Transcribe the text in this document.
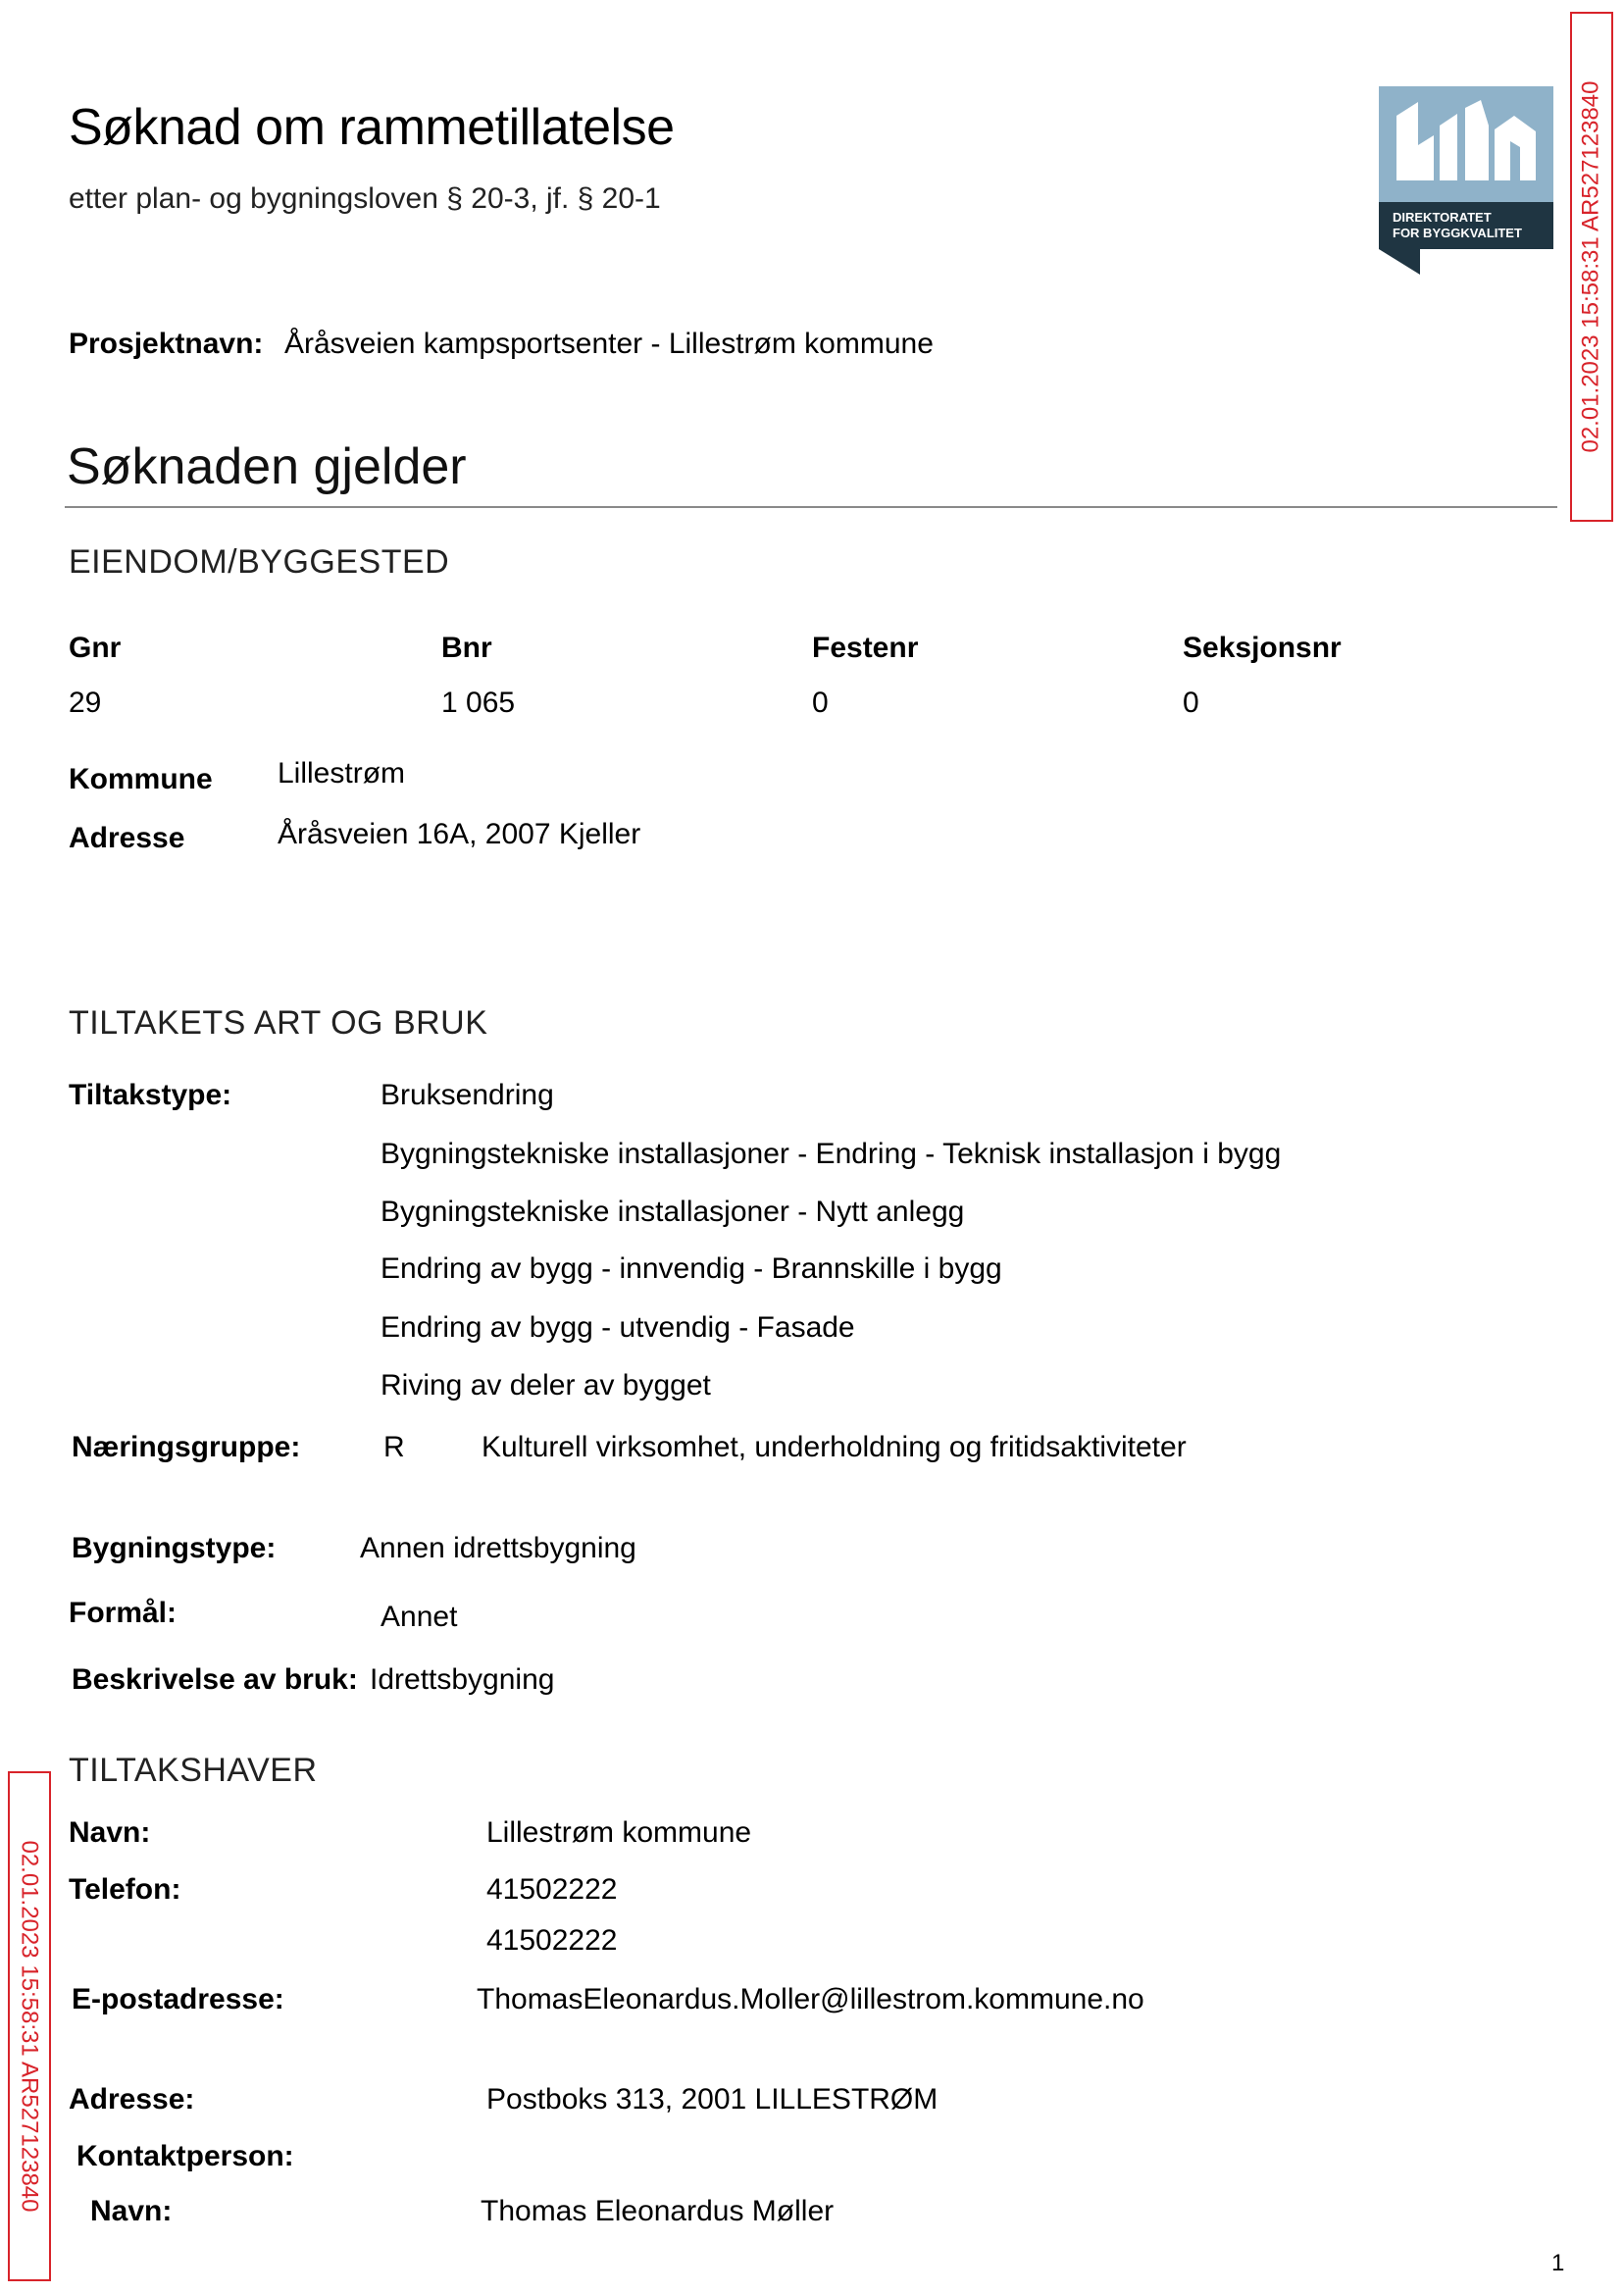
Søknad om rammetillatelse
etter plan- og bygningsloven § 20-3, jf. § 20-1
DIREKTORATET
FOR BYGGKVALITET	02.01.2023 15:58:31 AR527123840
02.01.2023 15:58:31 AR527123840
Prosjektnavn: Åråsveien kampsportsenter - Lillestrøm kommune
Søknaden gjelder
EIENDOM/BYGGESTED
Gnr	Bnr	Festenr	Seksjonsnr
29	1 065	0	0
Kommune Lillestrøm
Adresse	Åråsveien 16A, 2007 Kjeller
TILTAKETS ART OG BRUK
Tiltakstype:	Bruksendring
Bygningstekniske installasjoner - Endring - Teknisk installasjon i bygg
Bygningstekniske installasjoner - Nytt anlegg
Endring av bygg - innvendig - Brannskille i bygg
Endring av bygg - utvendig - Fasade
Riving av deler av bygget
Næringsgruppe:	R	Kulturell virksomhet, underholdning og fritidsaktiviteter
Bygningstype:	Annen idrettsbygning
Formål:	Annet
Beskrivelse av bruk: Idrettsbygning
TILTAKSHAVER
Navn:	Lillestrøm kommune
Telefon:	41502222
41502222
E-postadresse:	ThomasEleonardus.Moller@lillestrom.kommune.no
Adresse:	Postboks 313, 2001 LILLESTRØM
Kontaktperson:
Navn:	Thomas Eleonardus Møller
1
